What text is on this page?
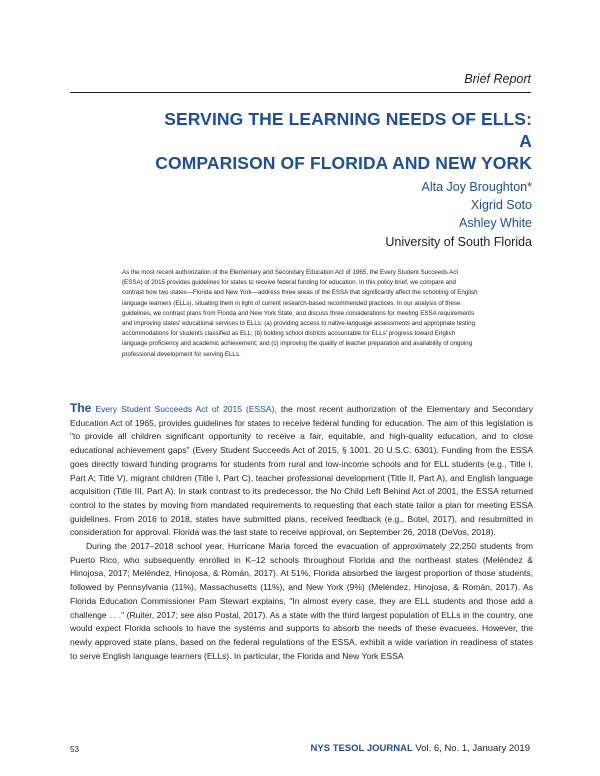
Brief Report
SERVING THE LEARNING NEEDS OF ELLS: A
COMPARISON OF FLORIDA AND NEW YORK
Alta Joy Broughton*
Xigrid Soto
Ashley White
University of South Florida
As the most recent authorization of the Elementary and Secondary Education Act of 1965, the Every Student Succeeds Act (ESSA) of 2015 provides guidelines for states to receive federal funding for education. In this policy brief, we compare and contrast how two states—Florida and New York—address three areas of the ESSA that significantly affect the schooling of English language learners (ELLs), situating them in light of current research-based recommended practices. In our analysis of these guidelines, we contrast plans from Florida and New York State, and discuss three considerations for meeting ESSA requirements and improving states' educational services to ELLs: (a) providing access to native-language assessments and appropriate testing accommodations for students classified as ELL; (b) holding school districts accountable for ELLs' progress toward English language proficiency and academic achievement; and (c) improving the quality of teacher preparation and availability of ongoing professional development for serving ELLs.

The Every Student Succeeds Act of 2015 (ESSA), the most recent authorization of the Elementary and Secondary Education Act of 1965, provides guidelines for states to receive federal funding for education. The aim of this legislation is "to provide all children significant opportunity to receive a fair, equitable, and high-quality education, and to close educational achievement gaps" (Every Student Succeeds Act of 2015, § 1001. 20 U.S.C. 6301). Funding from the ESSA goes directly toward funding programs for students from rural and low-income schools and for ELL students (e.g., Title I, Part A; Title V), migrant children (Title I, Part C), teacher professional development (Title II, Part A), and English language acquisition (Title III, Part A). In stark contrast to its predecessor, the No Child Left Behind Act of 2001, the ESSA returned control to the states by moving from mandated requirements to requesting that each state tailor a plan for meeting ESSA guidelines. From 2016 to 2018, states have submitted plans, received feedback (e.g., Botel, 2017), and resubmitted in consideration for approval. Florida was the last state to receive approval, on September 26, 2018 (DeVos, 2018).

During the 2017–2018 school year, Hurricane Maria forced the evacuation of approximately 22,250 students from Puerto Rico, who subsequently enrolled in K–12 schools throughout Florida and the northeast states (Meléndez & Hinojosa, 2017; Meléndez, Hinojosa, & Román, 2017). At 51%, Florida absorbed the largest proportion of those students, followed by Pennsylvania (11%), Massachusetts (11%), and New York (9%) (Meléndez, Hinojosa, & Román, 2017). As Florida Education Commissioner Pam Stewart explains, "In almost every case, they are ELL students and those add a challenge . . ." (Ruiter, 2017; see also Postal, 2017). As a state with the third largest population of ELLs in the country, one would expect Florida schools to have the systems and supports to absorb the needs of these evacuees. However, the newly approved state plans, based on the federal regulations of the ESSA, exhibit a wide variation in readiness of states to serve English language learners (ELLs). In particular, the Florida and New York ESSA

53	NYS TESOL JOURNAL Vol. 6, No. 1, January 2019
